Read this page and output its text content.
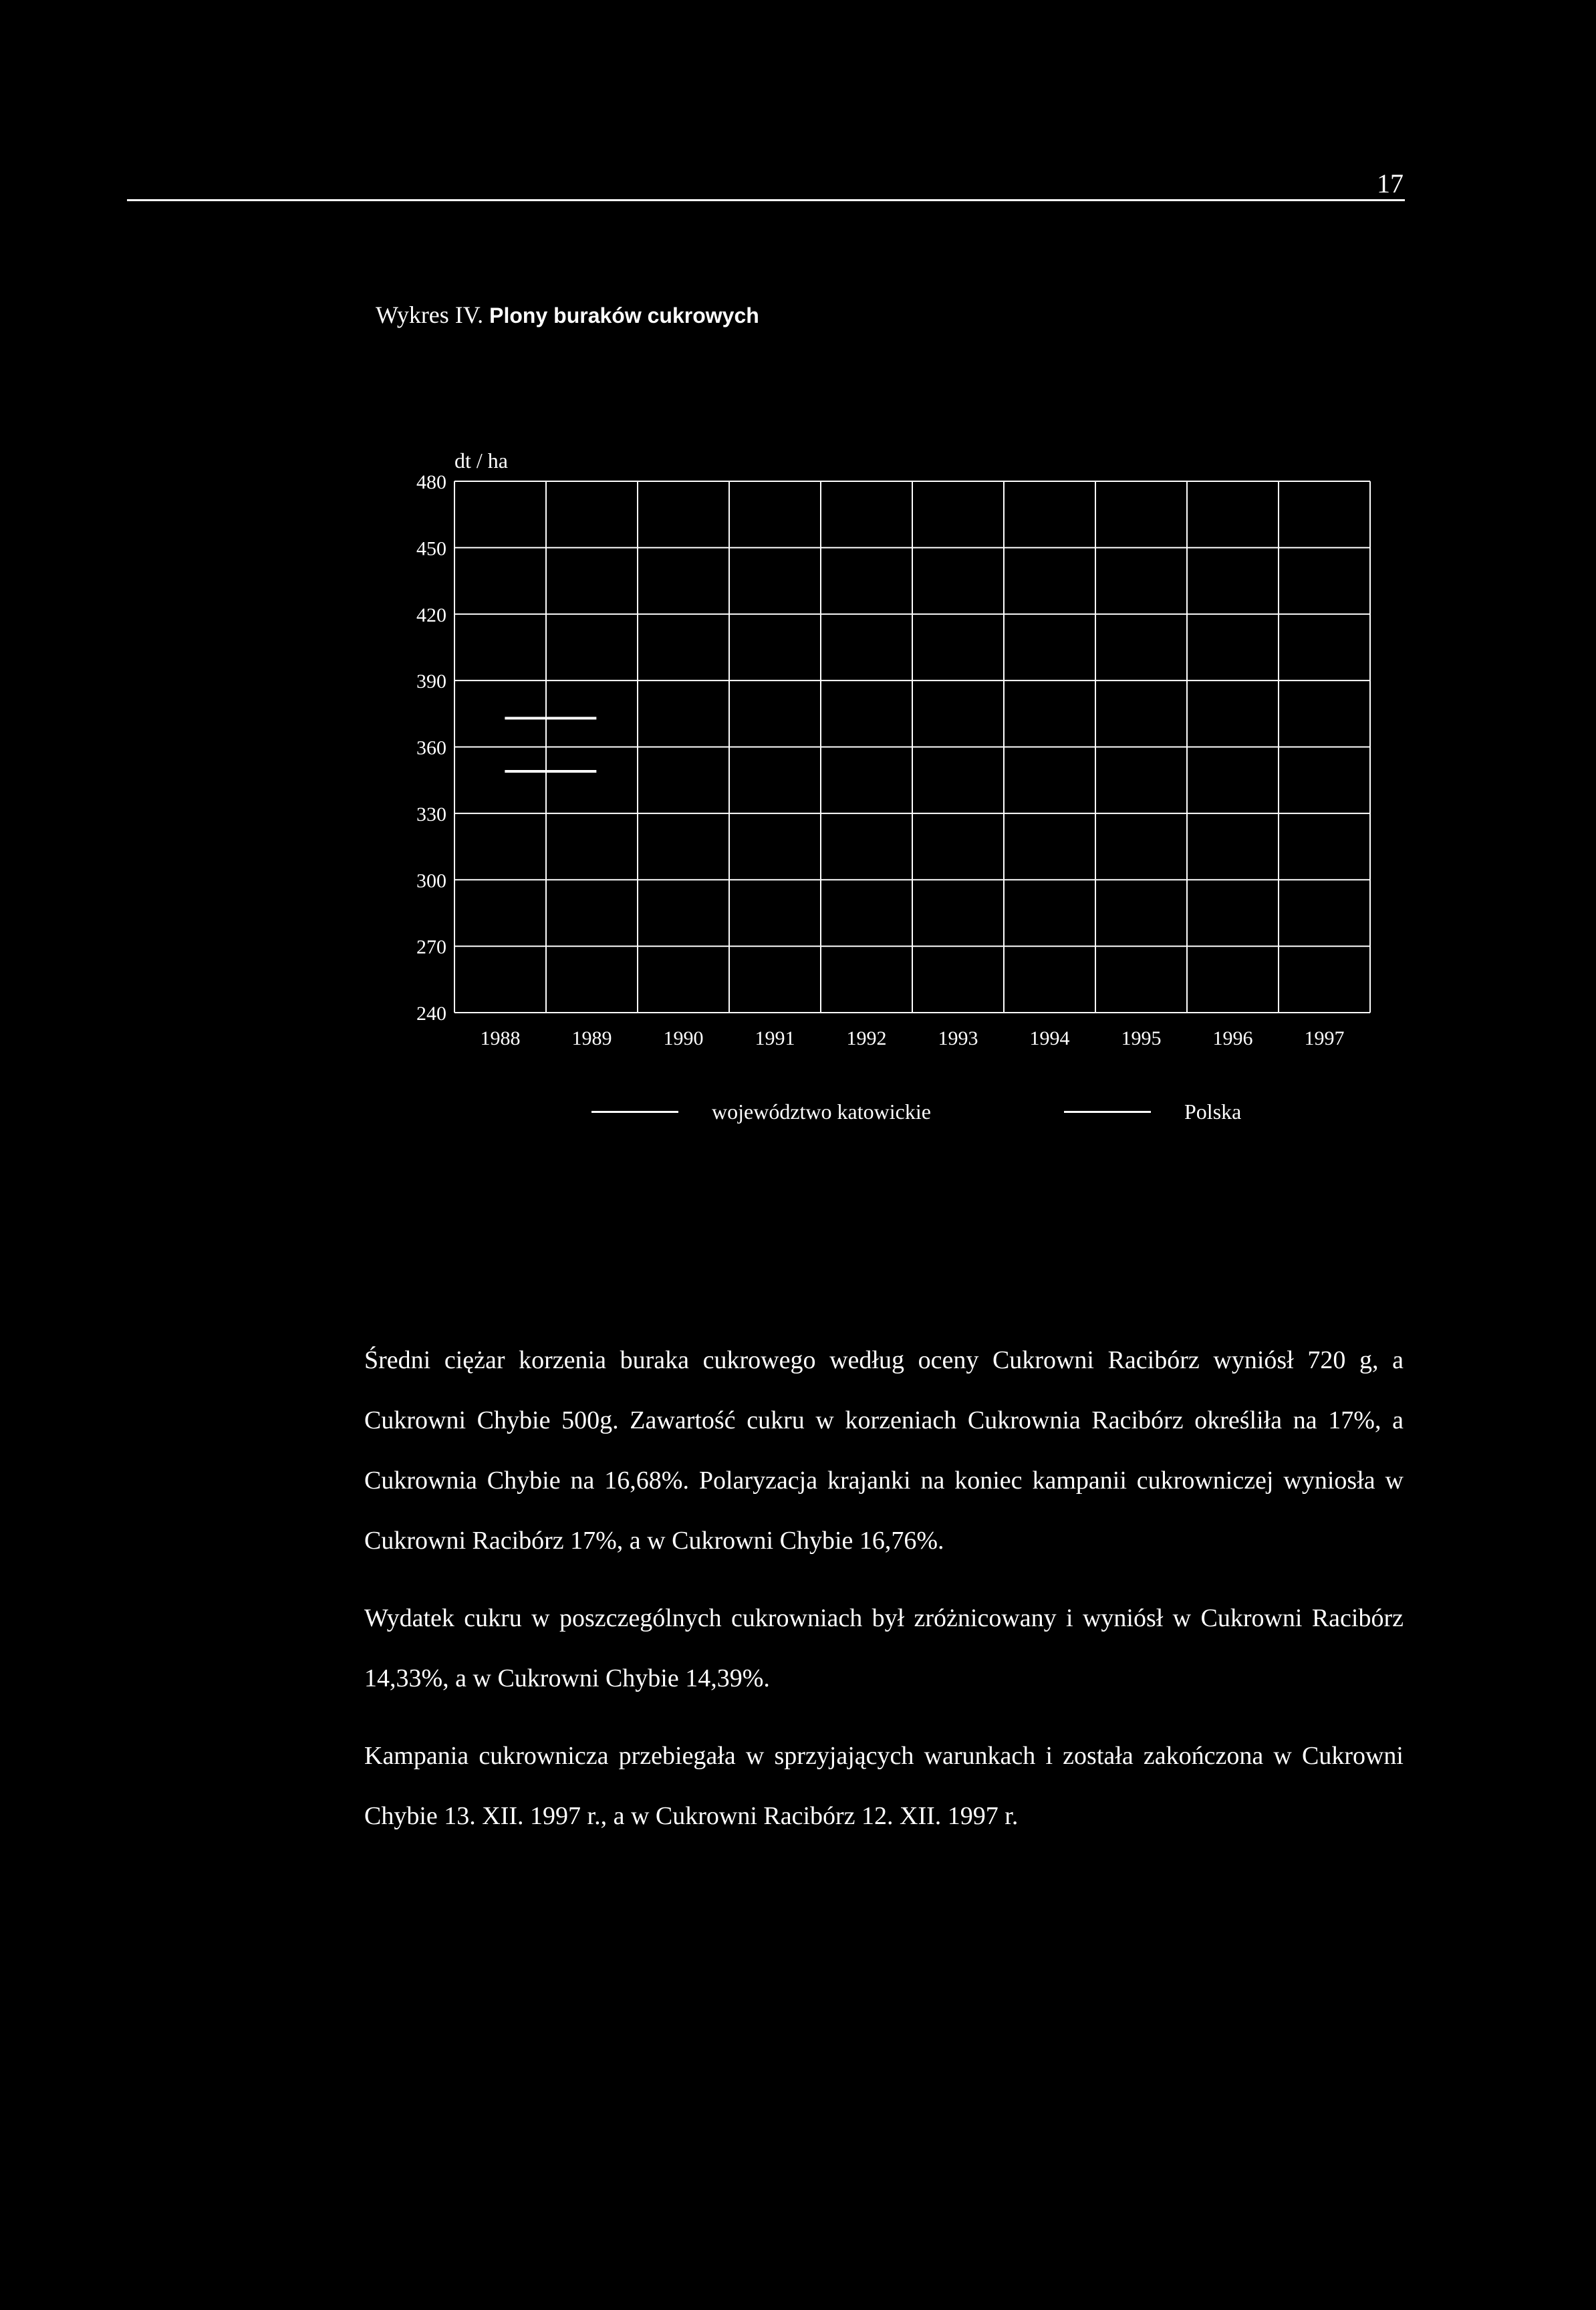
17
Wykres IV. Plony buraków cukrowych
240
270
300
330
360
390
420
450
480
1988	1989	1990	1991	1992	1993	1994	1995	1996	1997
dt / ha
województwo katowickie	Polska

Średni ciężar korzenia buraka cukrowego według oceny Cukrowni Racibórz wyniósł 720 g, a Cukrowni Chybie 500g. Zawartość cukru w korzeniach Cukrownia Racibórz określiła na 17%, a Cukrownia Chybie na 16,68%. Polaryzacja krajanki na koniec kampanii cukrowniczej wyniosła w Cukrowni Racibórz 17%, a w Cukrowni Chybie 16,76%.

Wydatek cukru w poszczególnych cukrowniach był zróżnicowany i wyniósł w Cukrowni Racibórz 14,33%, a w Cukrowni Chybie 14,39%.

Kampania cukrownicza przebiegała w sprzyjających warunkach i została zakończona w Cukrowni Chybie 13. XII. 1997 r., a w Cukrowni Racibórz 12. XII. 1997 r.
